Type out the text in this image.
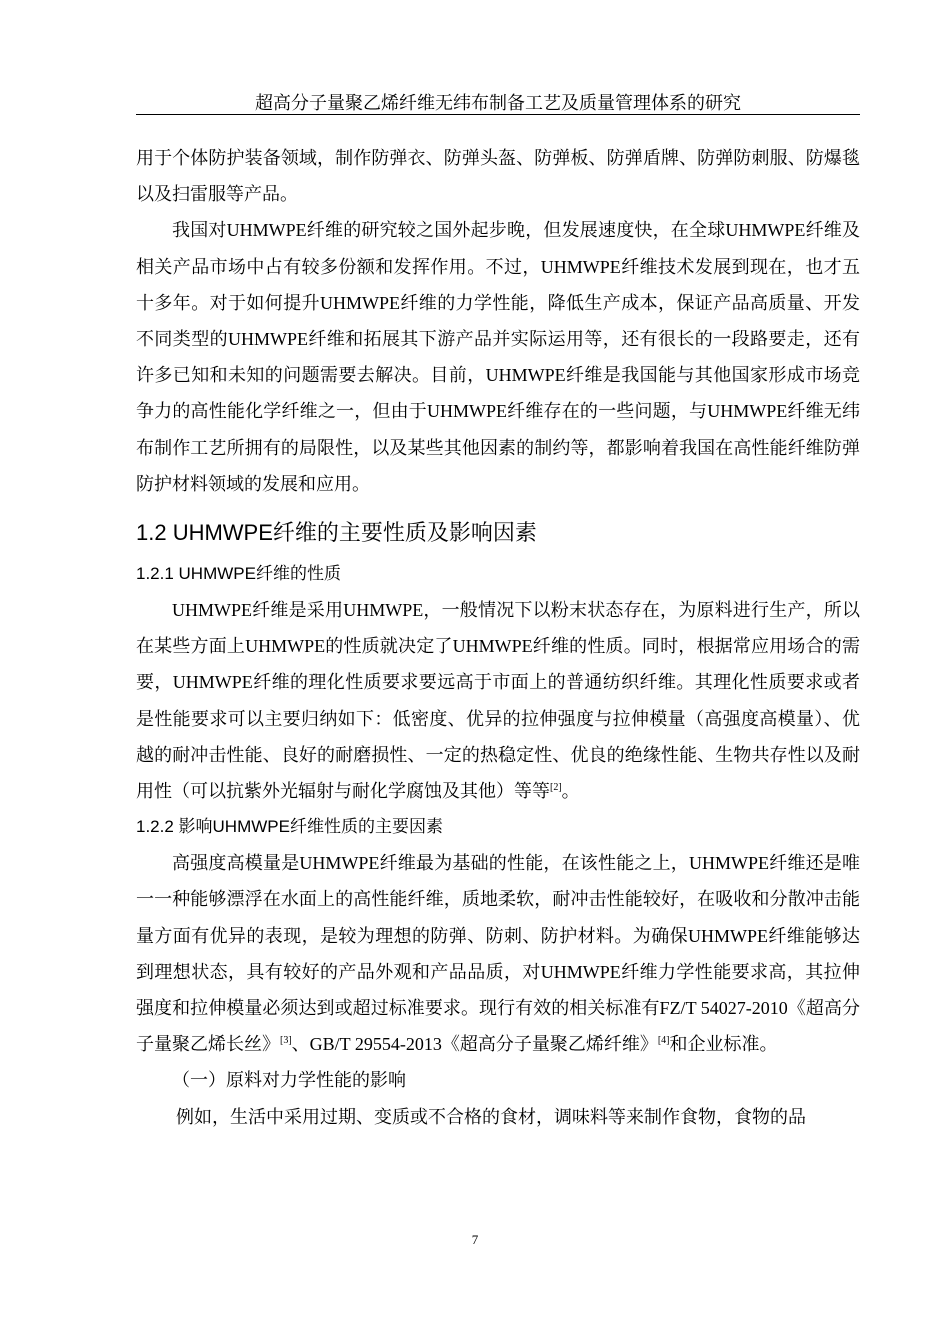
超高分子量聚乙烯纤维无纬布制备工艺及质量管理体系的研究

用于个体防护装备领域，制作防弹衣、防弹头盔、防弹板、防弹盾牌、防弹防刺服、防爆毯以及扫雷服等产品。

我国对UHMWPE纤维的研究较之国外起步晚，但发展速度快，在全球UHMWPE纤维及相关产品市场中占有较多份额和发挥作用。不过，UHMWPE纤维技术发展到现在，也才五十多年。对于如何提升UHMWPE纤维的力学性能，降低生产成本，保证产品高质量、开发不同类型的UHMWPE纤维和拓展其下游产品并实际运用等，还有很长的一段路要走，还有许多已知和未知的问题需要去解决。目前，UHMWPE纤维是我国能与其他国家形成市场竞争力的高性能化学纤维之一，但由于UHMWPE纤维存在的一些问题，与UHMWPE纤维无纬布制作工艺所拥有的局限性，以及某些其他因素的制约等，都影响着我国在高性能纤维防弹防护材料领域的发展和应用。

1.2 UHMWPE纤维的主要性质及影响因素
1.2.1 UHMWPE纤维的性质

UHMWPE纤维是采用UHMWPE，一般情况下以粉末状态存在，为原料进行生产，所以在某些方面上UHMWPE的性质就决定了UHMWPE纤维的性质。同时，根据常应用场合的需要，UHMWPE纤维的理化性质要求要远高于市面上的普通纺织纤维。其理化性质要求或者是性能要求可以主要归纳如下：低密度、优异的拉伸强度与拉伸模量（高强度高模量）、优越的耐冲击性能、良好的耐磨损性、一定的热稳定性、优良的绝缘性能、生物共存性以及耐用性（可以抗紫外光辐射与耐化学腐蚀及其他）等等[2]。

1.2.2 影响UHMWPE纤维性质的主要因素

高强度高模量是UHMWPE纤维最为基础的性能，在该性能之上，UHMWPE纤维还是唯一一种能够漂浮在水面上的高性能纤维，质地柔软，耐冲击性能较好，在吸收和分散冲击能量方面有优异的表现，是较为理想的防弹、防刺、防护材料。为确保UHMWPE纤维能够达到理想状态，具有较好的产品外观和产品品质，对UHMWPE纤维力学性能要求高，其拉伸强度和拉伸模量必须达到或超过标准要求。现行有效的相关标准有FZ/T 54027-2010《超高分子量聚乙烯长丝》[3]、GB/T 29554-2013《超高分子量聚乙烯纤维》[4]和企业标准。

（一）原料对力学性能的影响

例如，生活中采用过期、变质或不合格的食材，调味料等来制作食物，食物的品

7
